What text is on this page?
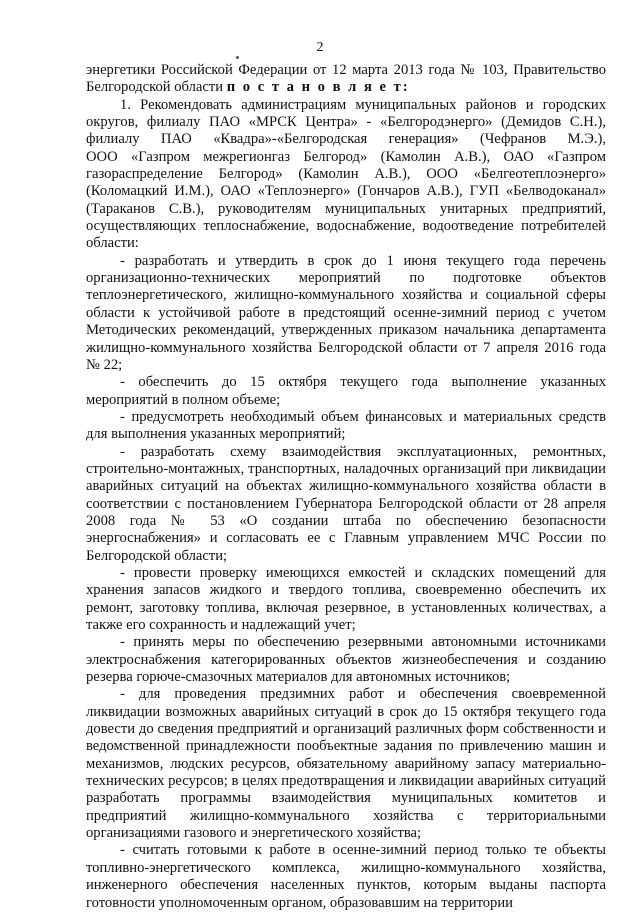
2
энергетики Российской Федерации от 12 марта 2013 года № 103, Правительство
Белгородской области п о с т а н о в л я е т:
1. Рекомендовать администрациям муниципальных районов и городских
округов, филиалу ПАО «МРСК Центра» - «Белгородэнерго» (Демидов С.Н.),
филиалу ПАО «Квадра»-«Белгородская генерация» (Чефранов М.Э.),
ООО «Газпром межрегионгаз Белгород» (Камолин А.В.), ОАО «Газпром
газораспределение Белгород» (Камолин А.В.), ООО «Белгеотеплоэнерго»
(Коломацкий И.М.), ОАО «Теплоэнерго» (Гончаров А.В.), ГУП «Белводоканал»
(Тараканов С.В.), руководителям муниципальных унитарных предприятий,
осуществляющих теплоснабжение, водоснабжение, водоотведение потребителей
области:
- разработать и утвердить в срок до 1 июня текущего года перечень
организационно-технических мероприятий по подготовке объектов
теплоэнергетического, жилищно-коммунального хозяйства и социальной сферы
области к устойчивой работе в предстоящий осенне-зимний период с учетом
Методических рекомендаций, утвержденных приказом начальника департамента
жилищно-коммунального хозяйства Белгородской области от 7 апреля 2016 года
№ 22;
- обеспечить до 15 октября текущего года выполнение указанных
мероприятий в полном объеме;
- предусмотреть необходимый объем финансовых и материальных средств
для выполнения указанных мероприятий;
- разработать схему взаимодействия эксплуатационных, ремонтных,
строительно-монтажных, транспортных, наладочных организаций при ликвидации
аварийных ситуаций на объектах жилищно-коммунального хозяйства области в
соответствии с постановлением Губернатора Белгородской области от 28 апреля
2008 года № 53 «О создании штаба по обеспечению безопасности
энергоснабжения» и согласовать ее с Главным управлением МЧС России по
Белгородской области;
- провести проверку имеющихся емкостей и складских помещений для
хранения запасов жидкого и твердого топлива, своевременно обеспечить их
ремонт, заготовку топлива, включая резервное, в установленных количествах, а
также его сохранность и надлежащий учет;
- принять меры по обеспечению резервными автономными источниками
электроснабжения категорированных объектов жизнеобеспечения и созданию
резерва горюче-смазочных материалов для автономных источников;
- для проведения предзимних работ и обеспечения своевременной
ликвидации возможных аварийных ситуаций в срок до 15 октября текущего года
довести до сведения предприятий и организаций различных форм собственности и
ведомственной принадлежности пообъектные задания по привлечению машин и
механизмов, людских ресурсов, обязательному аварийному запасу материально-
технических ресурсов; в целях предотвращения и ликвидации аварийных ситуаций
разработать программы взаимодействия муниципальных комитетов и
предприятий жилищно-коммунального хозяйства с территориальными
организациями газового и энергетического хозяйства;
- считать готовыми к работе в осенне-зимний период только те объекты
топливно-энергетического комплекса, жилищно-коммунального хозяйства,
инженерного обеспечения населенных пунктов, которым выданы паспорта
готовности уполномоченным органом, образовавшим на территории
